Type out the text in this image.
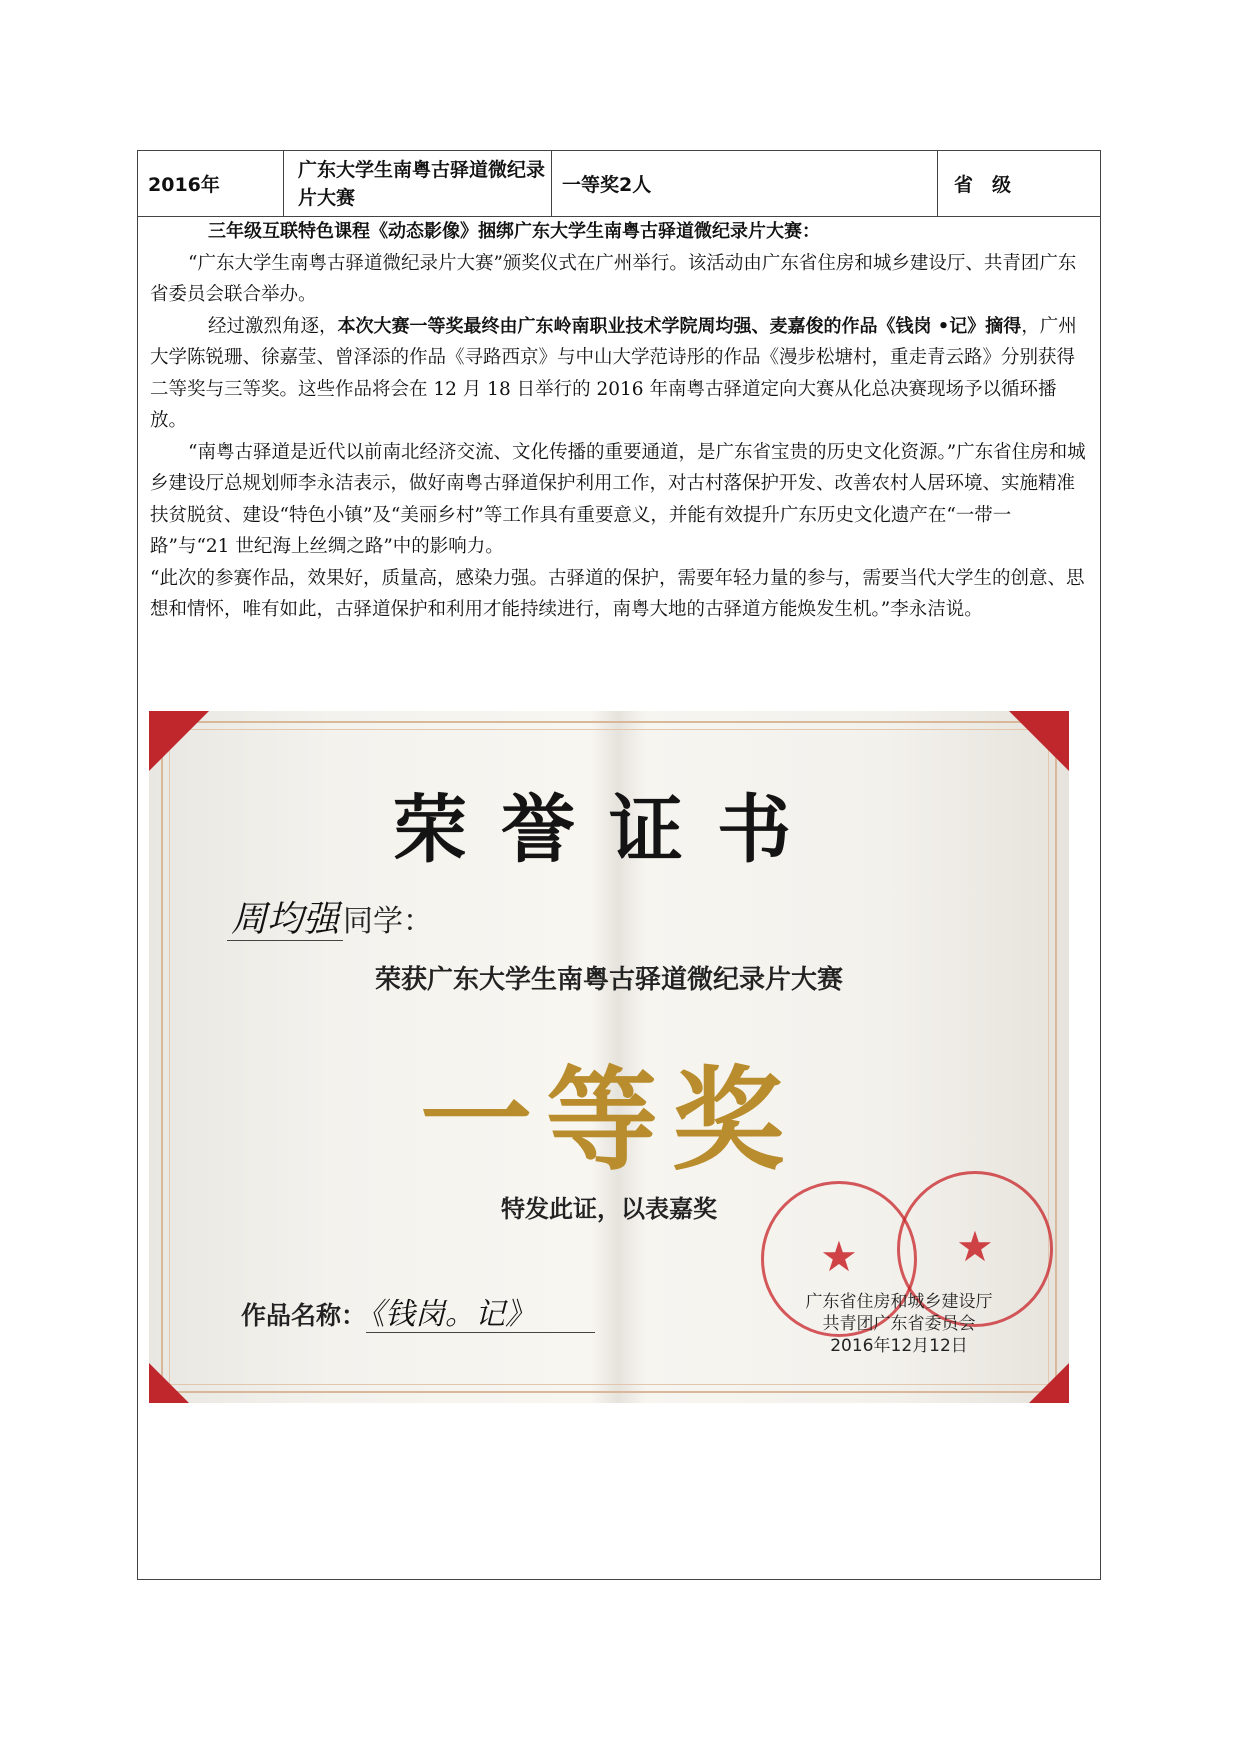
2016年
广东大学生南粤古驿道微纪录片大赛
一等奖2人	省　级

三年级互联特色课程《动态影像》捆绑广东大学生南粤古驿道微纪录片大赛：

“广东大学生南粤古驿道微纪录片大赛”颁奖仪式在广州举行。该活动由广东省住房和城乡建设厅、共青团广东省委员会联合举办。

经过激烈角逐，本次大赛一等奖最终由广东岭南职业技术学院周均强、麦嘉俊的作品《钱岗 •记》摘得，广州大学陈锐珊、徐嘉莹、曾泽添的作品《寻路西京》与中山大学范诗彤的作品《漫步松塘村，重走青云路》分别获得二等奖与三等奖。这些作品将会在 12 月 18 日举行的 2016 年南粤古驿道定向大赛从化总决赛现场予以循环播放。

“南粤古驿道是近代以前南北经济交流、文化传播的重要通道，是广东省宝贵的历史文化资源。”广东省住房和城乡建设厅总规划师李永洁表示，做好南粤古驿道保护利用工作，对古村落保护开发、改善农村人居环境、实施精准扶贫脱贫、建设“特色小镇”及“美丽乡村”等工作具有重要意义，并能有效提升广东历史文化遗产在“一带一路”与“21 世纪海上丝绸之路”中的影响力。

“此次的参赛作品，效果好，质量高，感染力强。古驿道的保护，需要年轻力量的参与，需要当代大学生的创意、思想和情怀，唯有如此，古驿道保护和利用才能持续进行，南粤大地的古驿道方能焕发生机。”李永洁说。

荣誉证书
周均强 同学：
荣获广东大学生南粤古驿道微纪录片大赛
一等奖
特发此证，以表嘉奖
作品名称： 《钱岗。记》 ★ ★	广东省住房和城乡建设厅
共青团广东省委员会
2016年12月12日
